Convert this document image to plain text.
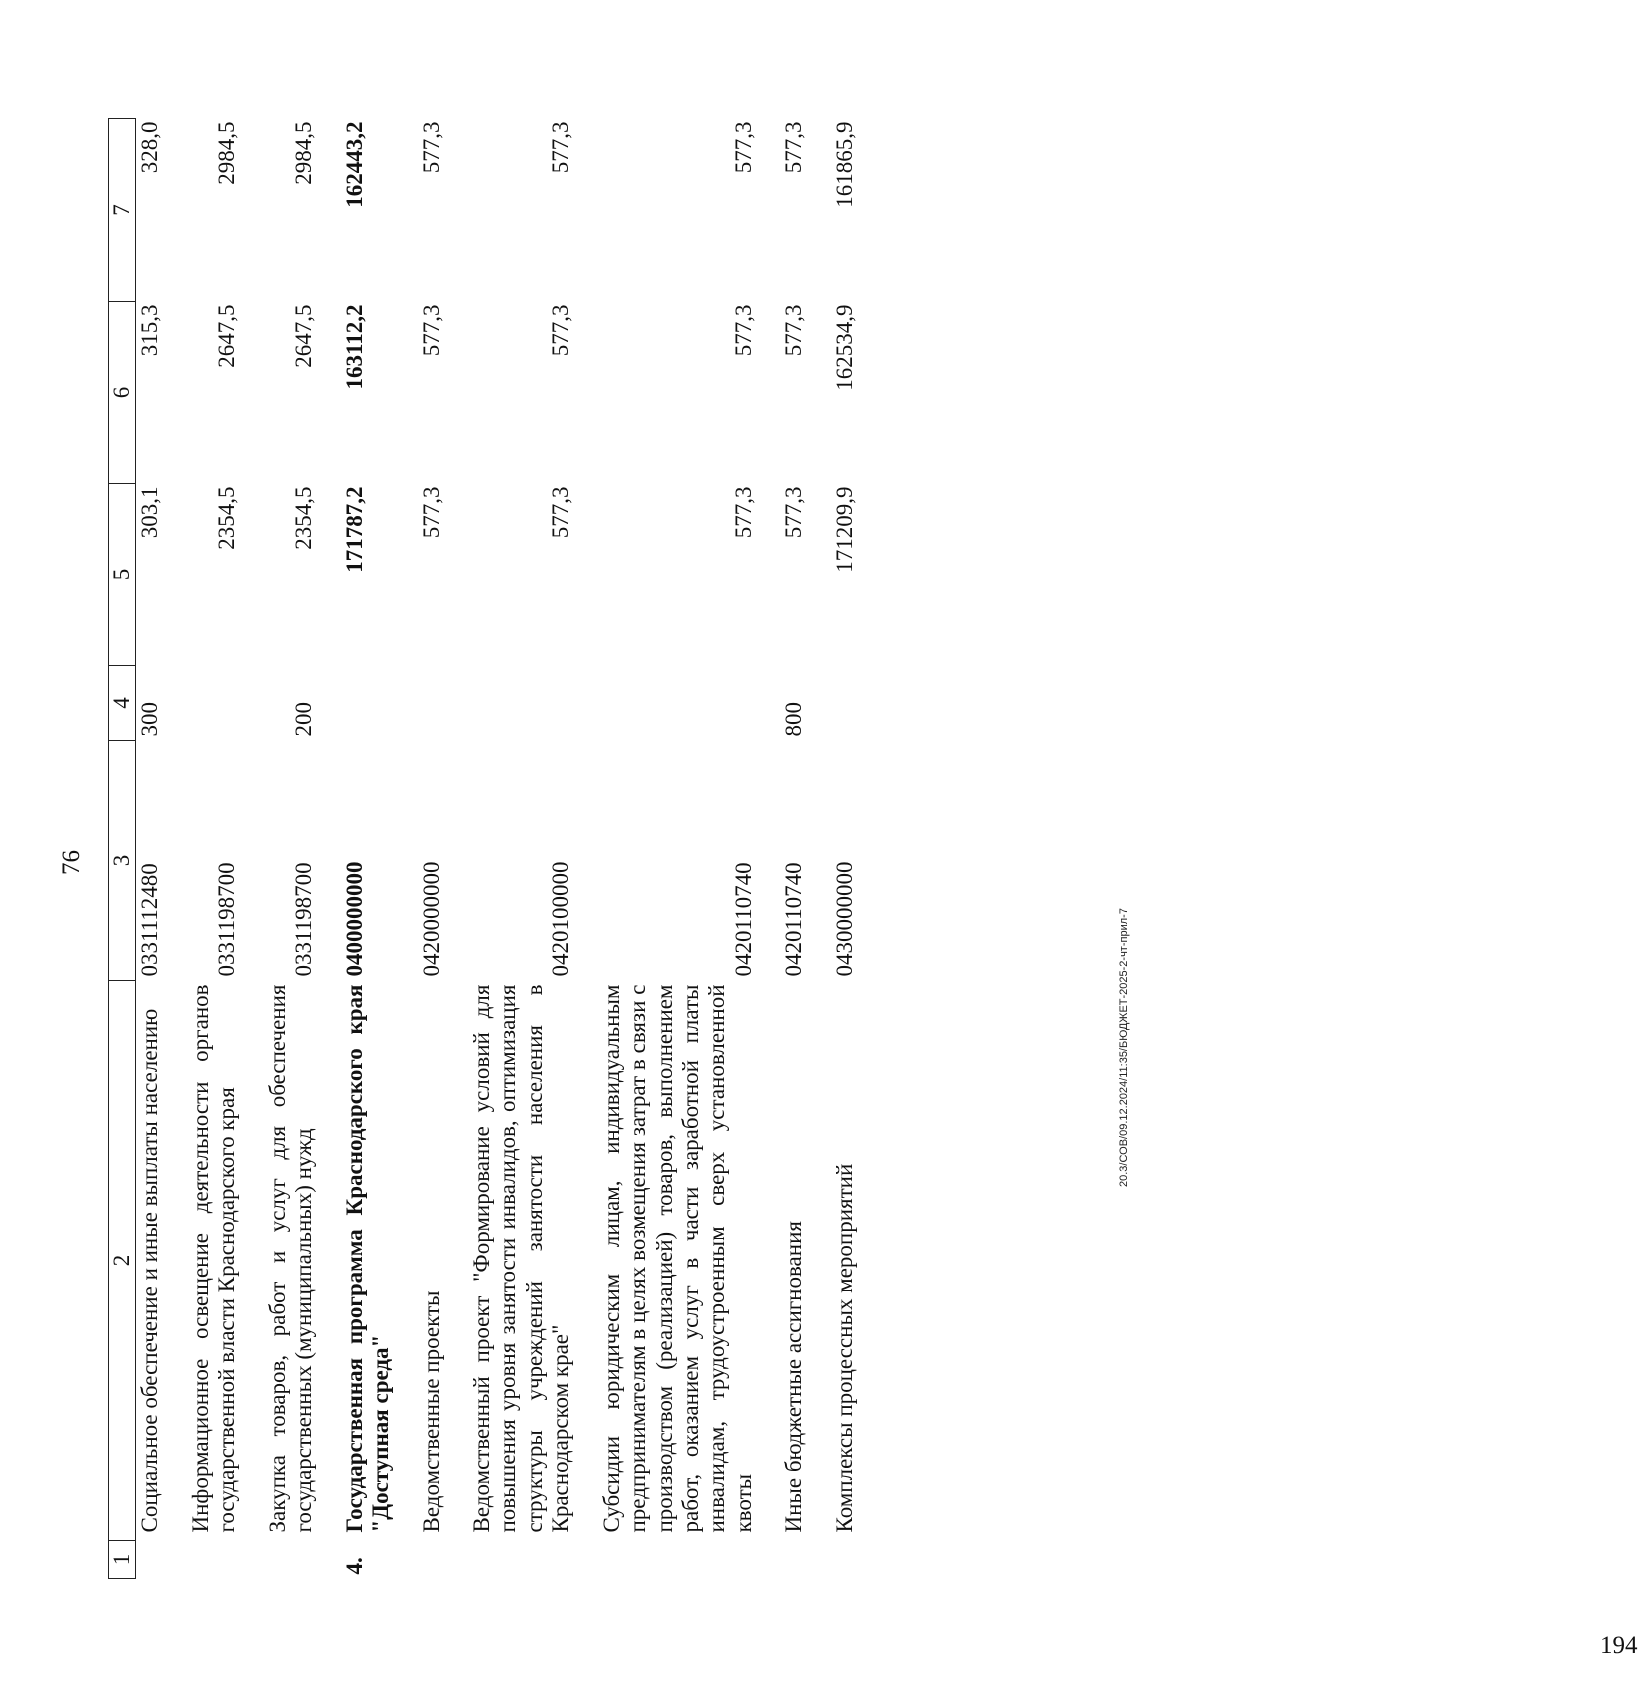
76
1	2	3	4	5	6	7
	Социальное обеспечение и иные выплаты населению	0331112480	300	303,1	315,3	328,0
	Информационное освещение деятельности органов государственной власти Краснодарского края	0331198700		2354,5	2647,5	2984,5
	Закупка товаров, работ и услуг для обеспечения государственных (муниципальных) нужд	0331198700	200	2354,5	2647,5	2984,5
4.	Государственная программа Краснодарского края "Доступная среда"	0400000000		171787,2	163112,2	162443,2
	Ведомственные проекты	0420000000		577,3	577,3	577,3
	Ведомственный проект "Формирование условий для повышения уровня занятости инвалидов, оптимизация структуры учреждений занятости населения в Краснодарском крае"	0420100000		577,3	577,3	577,3
	Субсидии юридическим лицам, индивидуальным предпринимателям в целях возмещения затрат в связи с производством (реализацией) товаров, выполнением работ, оказанием услуг в части заработной платы инвалидам, трудоустроенным сверх установленной квоты	0420110740		577,3	577,3	577,3
	Иные бюджетные ассигнования	0420110740	800	577,3	577,3	577,3
	Комплексы процессных мероприятий	0430000000		171209,9	162534,9	161865,9
20.3/СОВ/09.12.2024/11:35/БЮДЖЕТ-2025-2-чт-прил-7
194
